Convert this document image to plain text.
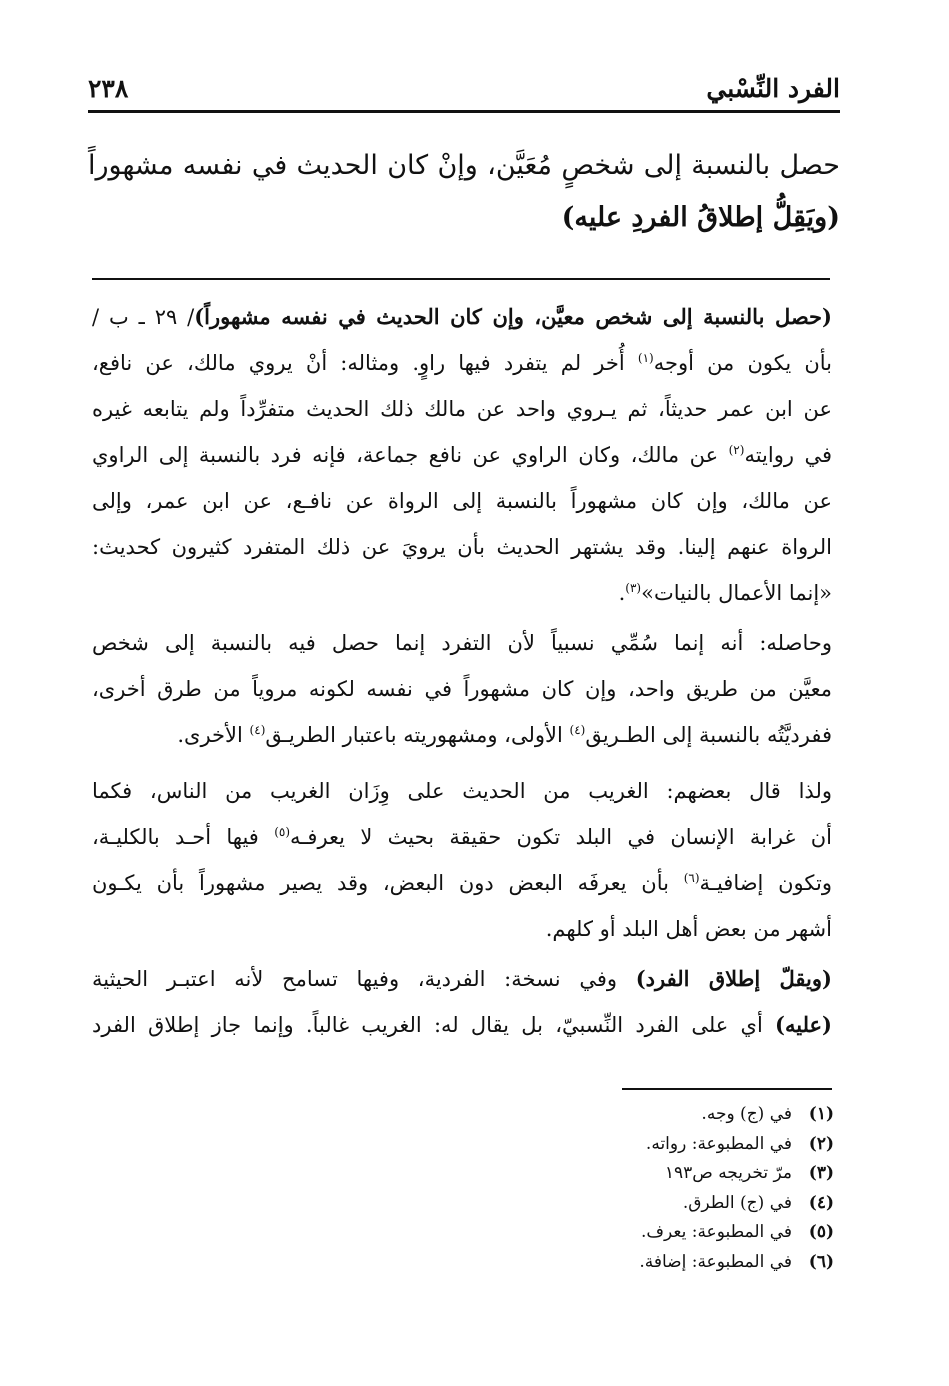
الفرد النِّسْبي
٢٣٨
حصل بالنسبة إلى شخصٍ مُعَيَّن، وإنْ كان الحديث في نفسه مشهوراً
(ويَقِلُّ إطلاقُ الفردِ عليه)
(حصل بالنسبة إلى شخص معيَّن، وإن كان الحديث في نفسه مشهوراً)/ ٢٩ ـ ب /
بأن يكون من أوجه$^{(١)}$ أُخر لم يتفرد فيها راوٍ. ومثاله: أنْ يروي مالك، عن نافع،
عن ابن عمر حديثاً، ثم يـروي واحد عن مالك ذلك الحديث متفرِّداً ولم يتابعه غيره
في روايته$^{(٢)}$ عن مالك، وكان الراوي عن نافع جماعة، فإنه فرد بالنسبة إلى الراوي
عن مالك، وإن كان مشهوراً بالنسبة إلى الرواة عن نافـع، عن ابن عمر، وإلى
الرواة عنهم إلينا. وقد يشتهر الحديث بأن يرويَ عن ذلك المتفرد كثيرون كحديث:
«إنما الأعمال بالنيات»$^{(٣)}$.
وحاصله: أنه إنما سُمِّي نسبياً لأن التفرد إنما حصل فيه بالنسبة إلى شخص
معيَّن من طريق واحد، وإن كان مشهوراً في نفسه لكونه مروياً من طرق أخرى،
ففرديَّتُه بالنسبة إلى الطـريق$^{(٤)}$ الأولى، ومشهوريته باعتبار الطريـق$^{(٤)}$ الأخرى.
ولذا قال بعضهم: الغريب من الحديث على وِزَان الغريب من الناس، فكما
أن غرابة الإنسان في البلد تكون حقيقة بحيث لا يعرفـه$^{(٥)}$ فيها أحـد بالكليـة،
وتكون إضافيـة$^{(٦)}$ بأن يعرفَه البعض دون البعض، وقد يصير مشهوراً بأن يكـون
أشهر من بعض أهل البلد أو كلهم.
(ويقلّ إطلاق الفرد) وفي نسخة: الفردية، وفيها تسامح لأنه اعتبـر الحيثية
(عليه) أي على الفرد النِّسبيّ، بل يقال له: الغريب غالباً. وإنما جاز إطلاق الفرد
(١)
في (ج) وجه.
(٢)
في المطبوعة: رواته.
(٣)
مرّ تخريجه ص١٩٣
(٤)
في (ج) الطرق.
(٥)
في المطبوعة: يعرف.
(٦)
في المطبوعة: إضافة.
